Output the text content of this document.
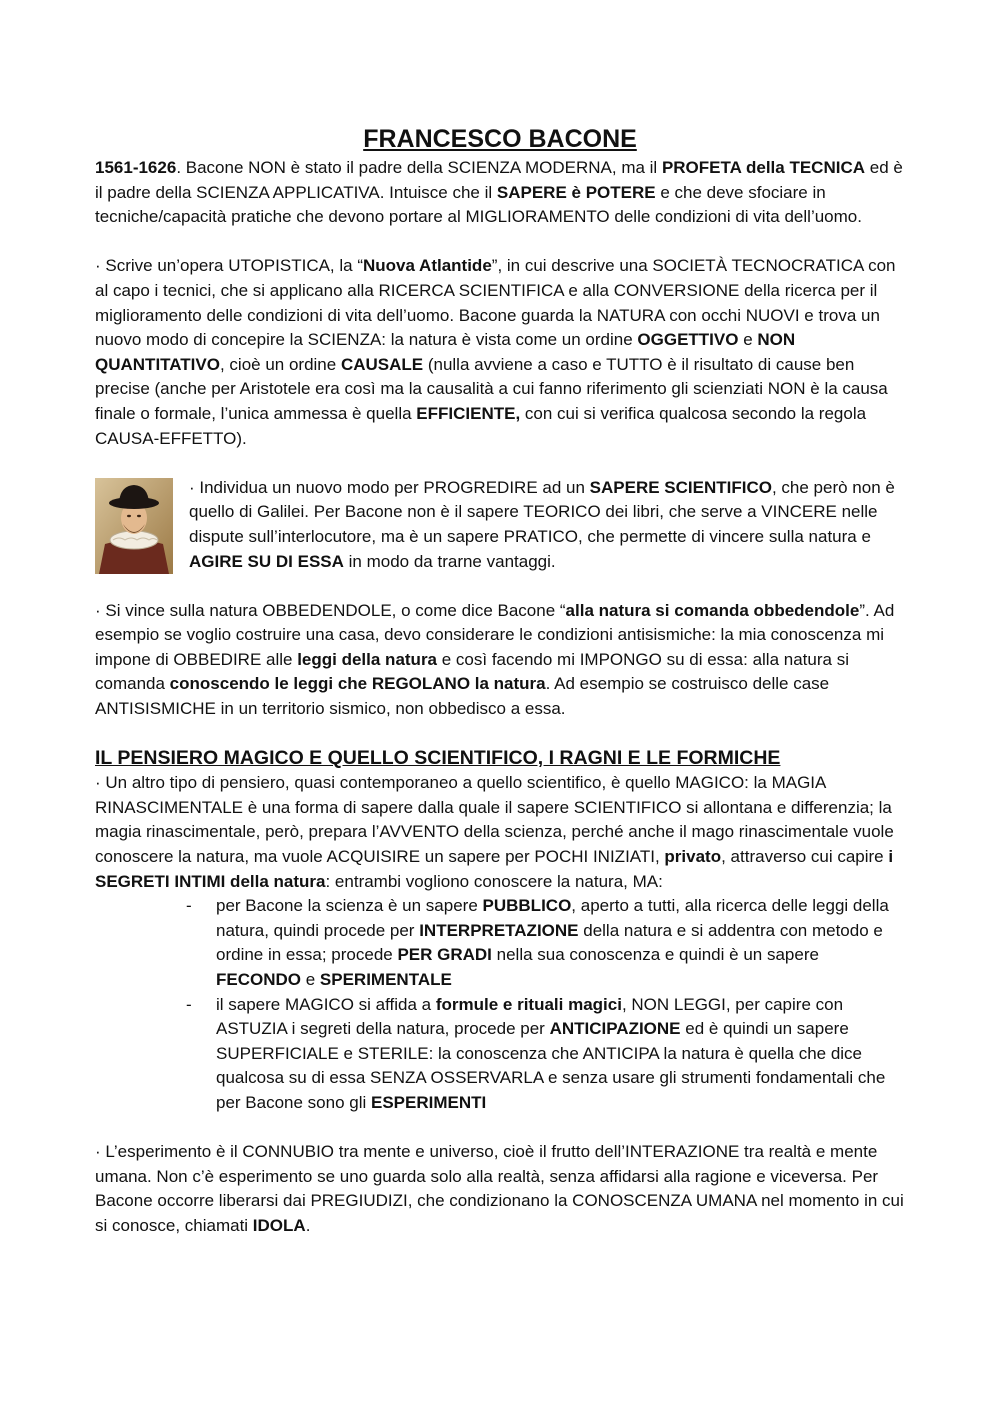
FRANCESCO BACONE

1561-1626. Bacone NON è stato il padre della SCIENZA MODERNA, ma il PROFETA della TECNICA ed è il padre della SCIENZA APPLICATIVA. Intuisce che il SAPERE è POTERE e che deve sfociare in tecniche/capacità pratiche che devono portare al MIGLIORAMENTO delle condizioni di vita dell’uomo.

· Scrive un’opera UTOPISTICA, la “Nuova Atlantide”, in cui descrive una SOCIETÀ TECNOCRATICA con al capo i tecnici, che si applicano alla RICERCA SCIENTIFICA e alla CONVERSIONE della ricerca per il miglioramento delle condizioni di vita dell’uomo. Bacone guarda la NATURA con occhi NUOVI e trova un nuovo modo di concepire la SCIENZA: la natura è vista come un ordine OGGETTIVO e NON QUANTITATIVO, cioè un ordine CAUSALE (nulla avviene a caso e TUTTO è il risultato di cause ben precise (anche per Aristotele era così ma la causalità a cui fanno riferimento gli scienziati NON è la causa finale o formale, l’unica ammessa è quella EFFICIENTE, con cui si verifica qualcosa secondo la regola CAUSA-EFFETTO).

· Individua un nuovo modo per PROGREDIRE ad un SAPERE SCIENTIFICO, che però non è quello di Galilei. Per Bacone non è il sapere TEORICO dei libri, che serve a VINCERE nelle dispute sull’interlocutore, ma è un sapere PRATICO, che permette di vincere sulla natura e AGIRE SU DI ESSA in modo da trarne vantaggi.

· Si vince sulla natura OBBEDENDOLE, o come dice Bacone “alla natura si comanda obbedendole”. Ad esempio se voglio costruire una casa, devo considerare le condizioni antisismiche: la mia conoscenza mi impone di OBBEDIRE alle leggi della natura e così facendo mi IMPONGO su di essa: alla natura si comanda conoscendo le leggi che REGOLANO la natura. Ad esempio se costruisco delle case ANTISISMICHE in un territorio sismico, non obbedisco a essa.

IL PENSIERO MAGICO E QUELLO SCIENTIFICO, I RAGNI E LE FORMICHE

· Un altro tipo di pensiero, quasi contemporaneo a quello scientifico, è quello MAGICO: la MAGIA RINASCIMENTALE è una forma di sapere dalla quale il sapere SCIENTIFICO si allontana e differenzia; la magia rinascimentale, però, prepara l’AVVENTO della scienza, perché anche il mago rinascimentale vuole conoscere la natura, ma vuole ACQUISIRE un sapere per POCHI INIZIATI, privato, attraverso cui capire i SEGRETI INTIMI della natura: entrambi vogliono conoscere la natura, MA:

- per Bacone la scienza è un sapere PUBBLICO, aperto a tutti, alla ricerca delle leggi della natura, quindi procede per INTERPRETAZIONE della natura e si addentra con metodo e ordine in essa; procede PER GRADI nella sua conoscenza e quindi è un sapere FECONDO e SPERIMENTALE
- il sapere MAGICO si affida a formule e rituali magici, NON LEGGI, per capire con ASTUZIA i segreti della natura, procede per ANTICIPAZIONE ed è quindi un sapere SUPERFICIALE e STERILE: la conoscenza che ANTICIPA la natura è quella che dice qualcosa su di essa SENZA OSSERVARLA e senza usare gli strumenti fondamentali che per Bacone sono gli ESPERIMENTI

· L’esperimento è il CONNUBIO tra mente e universo, cioè il frutto dell’INTERAZIONE tra realtà e mente umana. Non c’è esperimento se uno guarda solo alla realtà, senza affidarsi alla ragione e viceversa. Per Bacone occorre liberarsi dai PREGIUDIZI, che condizionano la CONOSCENZA UMANA nel momento in cui si conosce, chiamati IDOLA.
